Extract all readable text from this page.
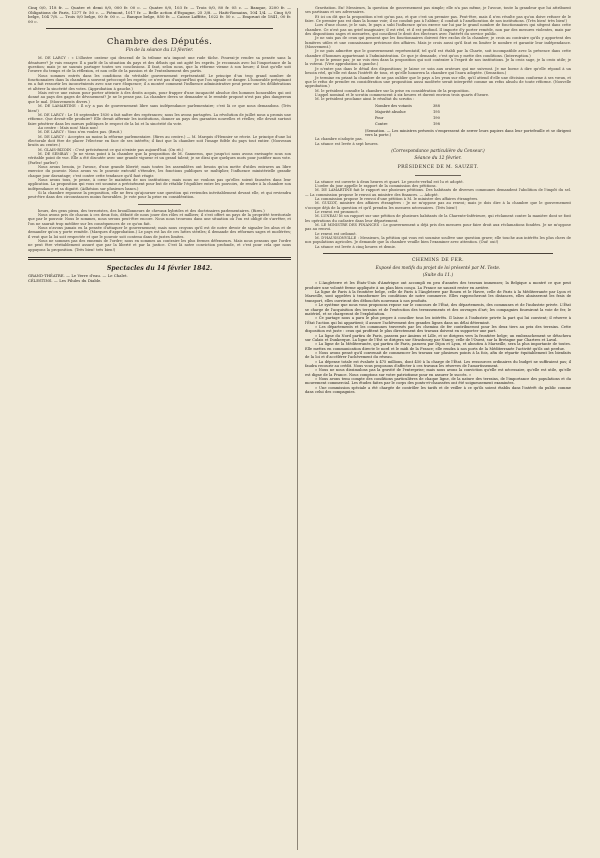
Cinq 0/0, 118 fr. — Quatre et demi 0/0, 000 fr. 00 c. — Quatre 0/0, 103 fr. — Trois 0/0, 80 fr. 05 c. — Banque, 3200 fr. — Obligations de Paris, 1277 fr. 50 c. — Piémont, 1017 fr. — Belle action d'Espagne, 25 3/8. — Haiti-Romains, 104 1/4. — Cinq 0/0 belge, 104 7/8. — Trois 0/0 belge, 00 fr. 00 c. — Banque belge, 850 fr. — Caisse Laffitte, 1022 fr. 50 c. — Emprunt de 1841, 00 fr. 00 c.

Chambre des Députés.
Fin de la séance du 13 février.

M. DE LARCY : « L'illustre orateur qui descend de la tribune m'a imposé une rude tâche. Pourrai-je rendre sa pensée sans la dénaturer? Je vais essayer. Il a parlé de la situation du pays et des débats qui ont agité les esprits. Je reconnais avec lui l'importance de la question; mais je ne saurais partager toutes ses conclusions. Il faut, selon nous, que la réforme vienne à son heure; il faut qu'elle soit l'œuvre du temps et de la réflexion, et non celle de la passion et de l'entraînement des partis.

Nous sommes entrés dans les conditions du véritable gouvernement représentatif. Le principe d'un trop grand nombre de fonctionnaires dans la chambre a souvent préoccupé les esprits; ce n'est pas d'aujourd'hui que l'on signale ce danger. L'honorable préopinant en a fait ressortir les inconvénients avec une rare éloquence; il a montré comment l'influence administrative peut peser sur les délibérations et altérer la sincérité des votes. (Approbation à gauche.)

Mais est-ce une raison pour porter atteinte à des droits acquis, pour frapper d'une incapacité absolue des hommes honorables qui ont donné au pays des gages de dévouement? Je ne le pense pas. La chambre devra se demander si le remède proposé n'est pas plus dangereux que le mal. (Mouvements divers.)

M. DE LAMARTINE : Il n'y a pas de gouvernement libre sans indépendance parlementaire; c'est là ce que nous demandons. (Très bien!)

M. DE LARCY : Le 18 septembre 1830 a fait naître des espérances; nous les avons partagées. La révolution de juillet nous a promis une réforme. Que devait-elle produire? Elle devait affermir les institutions, donner au pays des garanties nouvelles et réelles; elle devait surtout faire pénétrer dans les mœurs politiques le respect de la loi et la sincérité du vote.

Au centre : Mais non! Mais non!

M. DE LARCY : Vous n'en voulez pas. (Bruit.)

M. DE LARCY : Acceptez au moins la réforme parlementaire. (Rires au centre.) — M. Marquis d'Hennier se récrie. Le principe d'une loi électorale doit être de placer l'électeur en face de ses intérêts; il faut que la chambre soit l'image fidèle du pays tout entier. (Nouveaux bruits au centre.)

M. GLAIS-BIZOIN : C'est précisément ce qui n'existe pas aujourd'hui. (On rit.)

M. DE SEMBAY : Je ne viens point à la chambre que la proposition de M. Ganneron, que jusqu'ici nous avons envisagée sous son véritable point de vue. Elle a été discutée avec une grande vigueur et un grand talent; je ne dirai que quelques mots pour justifier mon vote. (Parlez! parlez!)

Nous avons besoin, je l'avoue, d'une grande liberté; mais toutes les assemblées ont besoin qu'on mette d'utiles entraves au libre exercice du pouvoir. Nous avons vu le pouvoir exécutif s'étendre, les fonctions publiques se multiplier, l'influence ministérielle grandir chaque jour davantage; c'est contre cette tendance qu'il faut réagir.

Nous avons tous, je pense, à cœur le maintien de nos institutions; mais nous ne voulons pas qu'elles soient faussées dans leur application. La proposition qui vous est soumise a précisément pour but de rétablir l'équilibre entre les pouvoirs, de rendre à la chambre son indépendance et sa dignité. (Adhésion sur plusieurs bancs.)

Si la chambre repousse la proposition, elle ne fera qu'ajourner une question qui reviendra inévitablement devant elle, et qui reviendra peut-être dans des circonstances moins favorables. Je vote pour la prise en considération.

heurs, des gens pieux, des terroristes, des brouillonneurs de chevaux hybrides et des doctrinaires parlementaires. (Rires.)

Nous avons pris de chacun à ces deux fois, débuté de nous jouer des rôles et milliers; il s'est offert un pays de la propriété territoriale que par le pouvoir. Nous le sommes, nous serons peut-être encore. Nous nous trouvons dans une situation où l'on est obligé de s'arrêter, et l'on ne saurait trop méditer sur les conséquences de ce qu'on fait.

Nous n'avons jamais eu la pensée d'attaquer le gouvernement; mais nous croyons qu'il est de notre devoir de signaler les abus et de demander qu'on y porte remède. (Marques d'approbation.) Le pays est las de ces luttes stériles; il demande des réformes sages et modérées; il veut que la loi soit respectée et que le pouvoir soit contenu dans de justes limites.

Nous ne sommes pas des ennemis de l'ordre; nous en sommes au contraire les plus fermes défenseurs. Mais nous pensons que l'ordre ne peut être véritablement assuré que par la liberté et par la justice. C'est là notre conviction profonde, et c'est pour cela que nous appuyons la proposition. (Très bien! très bien!)

Spectacles du 14 février 1842.

GRAND-THÉATRE. — Le Verre d'eau. — Le Chalet.

CÉLESTINS. — Les Pilules du Diable.

Gravitation. En! Messieurs, la question de gouvernement pas simple; elle n'a pas même, je l'avoue, toute la grandeur que lui attribuent ses partisans et ses adversaires.

Et ici on dit que la proposition n'est qu'un pas, et que c'est un premier pas. Peut-être, mais il n'en résulte pas qu'on doive refuser de le faire. Ce premier pas est dans la bonne voie; il ne conduit pas à l'abîme; il conduit à l'amélioration de nos institutions. (Très bien! très bien!)

Lors d'une chose, je le sais, le pays a subi l'influence qu'on exerce sur lui par le grand nombre de fonctionnaires qui siègent dans cette chambre. Ce n'est pas un grief imaginaire; il est réel, et il est profond. Il importe d'y porter remède, non par des mesures violentes, mais par des dispositions sages et mesurées, qui concilient le droit des électeurs avec l'intérêt du service public.

Je ne suis pas de ceux qui pensent que les fonctionnaires doivent être exclus de la chambre; je crois au contraire qu'ils y apportent des lumières utiles et une connaissance précieuse des affaires. Mais je crois aussi qu'il faut en limiter le nombre et garantir leur indépendance. (Mouvement.)

Je ne puis admettre que le gouvernement représentatif, tel qu'il est établi par la Charte, soit incompatible avec la présence dans cette chambre d'hommes appartenant à l'administration. Ce que je demande, c'est qu'on y mette des conditions. (Interruption.)

Je ne le pense pas; je ne vois rien dans la proposition qui soit contraire à l'esprit de nos institutions. Je la crois sage, je la crois utile; je la voterai. (Vive approbation à gauche.)

Je n'entre pas dans le détail des dispositions; je laisse ce soin aux orateurs qui me suivront. Je me borne à dire qu'elle répond à un besoin réel, qu'elle est dans l'intérêt de tous, et qu'elle honorera la chambre qui l'aura adoptée. (Sensation.)

Je termine en priant la chambre de ne pas oublier que le pays a les yeux sur elle, qu'il attend d'elle une décision conforme à ses vœux, et que le refus de prendre en considération une proposition aussi modérée serait interprété comme un refus absolu de toute réforme. (Nouvelle approbation.)

M. le président consulte la chambre sur la prise en considération de la proposition.

L'appel nominal et le scrutin commencent à six heures et durent environ trois quarts d'heure.

M. le président proclame ainsi le résultat du scrutin :

Nombre des votants	388
Majorité absolue	195
Pour	190
Contre	198

(Sensation. — Les ministres présents s'empressent de serrer leurs papiers dans leur portefeuille et se dirigent vers la porte.)

La chambre n'adopte pas.

La séance est levée à sept heures.

(Correspondance particulière du Censeur.)
Séance du 12 février.
PRÉSIDENCE DE M. SAUZET.

La séance est ouverte à deux heures et quart. Le procès-verbal est lu et adopté.

L'ordre du jour appelle le rapport de la commission des pétitions.

M. DE LAMARTINE fait le rapport sur plusieurs pétitions. Des habitants de diverses communes demandent l'abolition de l'impôt du sel. — La commission propose le renvoi au ministre des finances. — Adopté.

La commission propose le renvoi d'une pétition à M. le ministre des affaires étrangères.

M. GUIZOT, ministre des affaires étrangères : Je ne m'oppose pas au renvoi; mais je dois dire à la chambre que le gouvernement s'occupe déjà de la question et qu'il prendra les mesures nécessaires. (Très bien!)

Le renvoi est prononcé.

M. LUNEAU lit un rapport sur une pétition de plusieurs habitants de la Charente-Inférieure, qui réclament contre la manière dont se font les opérations du cadastre dans leur département.

M. LE MINISTRE DES FINANCES : Le gouvernement a déjà pris des mesures pour faire droit aux réclamations fondées. Je ne m'oppose pas au renvoi.

Le renvoi est ordonné.

M. D'HAUSSONVILLE : Messieurs, la pétition qui vous est soumise soulève une question grave; elle touche aux intérêts les plus chers de nos populations agricoles. Je demande que la chambre veuille bien l'examiner avec attention. (Oui! oui!)

La séance est levée à cinq heures et demie.

CHEMINS DE FER.
Exposé des motifs du projet de loi présenté par M. Teste.
(Suite du 11.)

« L'Angleterre et les États-Unis d'Amérique ont accompli en peu d'années des travaux immenses; la Belgique a montré ce que peut produire une volonté ferme appliquée à un plan bien conçu. La France ne saurait rester en arrière.

La ligne de Paris à la frontière belge, celle de Paris à l'Angleterre par Rouen et le Havre, celle de Paris à la Méditerranée par Lyon et Marseille, sont appelées à transformer les conditions de notre commerce. Elles rapprocheront les distances, elles abaisseront les frais de transport, elles ouvriront des débouchés nouveaux à nos produits.

» Le système que nous vous proposons repose sur le concours de l'État, des départements, des communes et de l'industrie privée. L'État se charge de l'acquisition des terrains et de l'exécution des terrassements et des ouvrages d'art; les compagnies fourniront la voie de fer, le matériel, et se chargeront de l'exploitation.

» Ce partage nous a paru le plus propre à concilier tous les intérêts. Il laisse à l'industrie privée la part qui lui convient; il réserve à l'État l'action qui lui appartient; il assure l'achèvement des grandes lignes dans un délai déterminé.

» Les départements et les communes traversés par les chemins de fer contribueront pour les deux tiers au prix des terrains. Cette disposition est juste : ceux qui profitent le plus directement des travaux doivent en supporter une part.

» La ligne du Nord partira de Paris, passera par Amiens et Lille, et se dirigera vers la frontière belge; un embranchement se détachera sur Calais et Dunkerque. La ligne de l'Est se dirigera sur Strasbourg par Nancy; celle de l'Ouest, sur la Bretagne par Chartres et Laval.

» La ligne de la Méditerranée, qui partira de Paris, passera par Dijon et Lyon, et aboutira à Marseille, sera la plus importante de toutes. Elle mettra en communication directe le nord et le midi de la France; elle rendra à nos ports de la Méditerranée l'activité qu'ils ont perdue.

» Nous avons pensé qu'il convenait de commencer les travaux sur plusieurs points à la fois, afin de répartir équitablement les bienfaits de la loi et d'accélérer l'achèvement du réseau.

» La dépense totale est évaluée à 475 millions, dont 450 à la charge de l'État. Les ressources ordinaires du budget ne suffiraient pas; il faudra recourir au crédit. Nous vous proposons d'affecter à ces travaux les réserves de l'amortissement.

» Nous ne nous dissimulons pas la gravité de l'entreprise; mais nous avons la conviction qu'elle est nécessaire, qu'elle est utile, qu'elle est digne de la France. Nous comptons sur votre patriotisme pour en assurer le succès. »

» Nous avons tenu compte des conditions particulières de chaque ligne, de la nature des terrains, de l'importance des populations et du mouvement commercial. Les études faites par le corps des ponts-et-chaussées ont été soigneusement examinées.

» Une commission spéciale a été chargée de contrôler les tarifs et de veiller à ce qu'ils soient établis dans l'intérêt du public comme dans celui des compagnies.
